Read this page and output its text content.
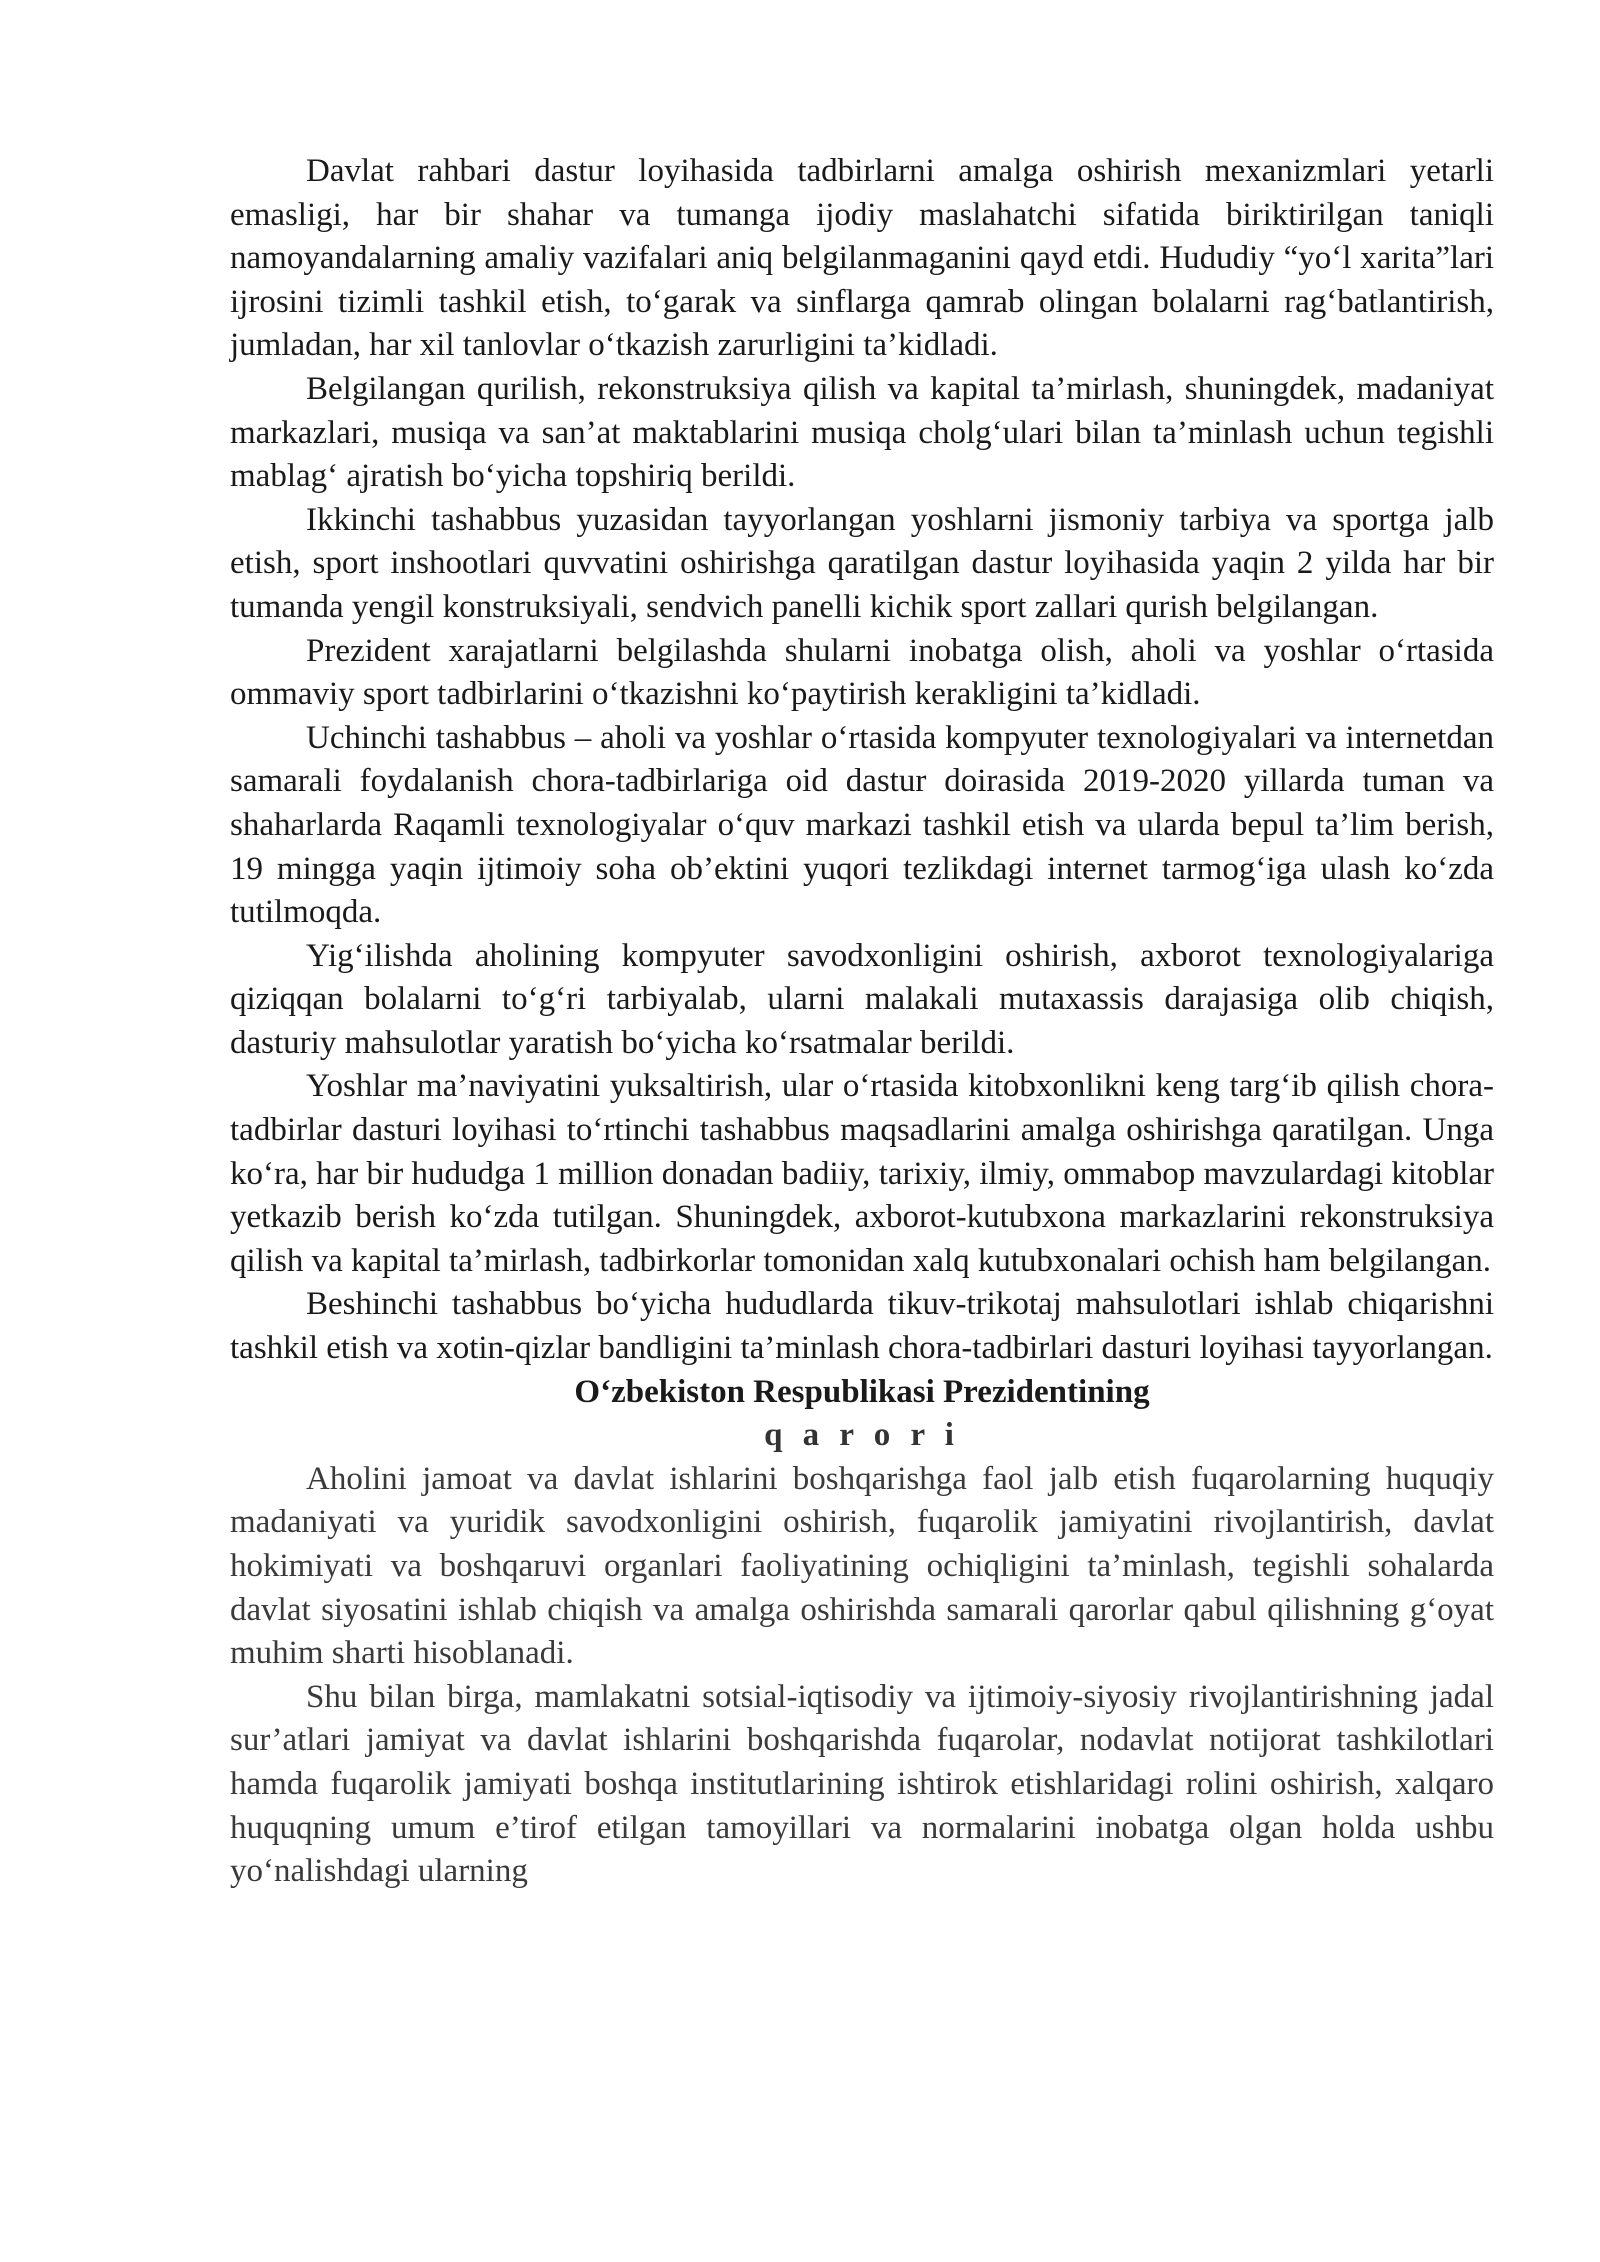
Davlat rahbari dastur loyihasida tadbirlarni amalga oshirish mexanizmlari yetarli emasligi, har bir shahar va tumanga ijodiy maslahatchi sifatida biriktirilgan taniqli namoyandalarning amaliy vazifalari aniq belgilanmaganini qayd etdi. Hududiy “yo‘l xarita”lari ijrosini tizimli tashkil etish, to‘garak va sinflarga qamrab olingan bolalarni rag‘batlantirish, jumladan, har xil tanlovlar o‘tkazish zarurligini ta’kidladi.

Belgilangan qurilish, rekonstruksiya qilish va kapital ta’mirlash, shuningdek, madaniyat markazlari, musiqa va san’at maktablarini musiqa cholg‘ulari bilan ta’minlash uchun tegishli mablag‘ ajratish bo‘yicha topshiriq berildi.

Ikkinchi tashabbus yuzasidan tayyorlangan yoshlarni jismoniy tarbiya va sportga jalb etish, sport inshootlari quvvatini oshirishga qaratilgan dastur loyihasida yaqin 2 yilda har bir tumanda yengil konstruksiyali, sendvich panelli kichik sport zallari qurish belgilangan.

Prezident xarajatlarni belgilashda shularni inobatga olish, aholi va yoshlar o‘rtasida ommaviy sport tadbirlarini o‘tkazishni ko‘paytirish kerakligini ta’kidladi.

Uchinchi tashabbus – aholi va yoshlar o‘rtasida kompyuter texnologiyalari va internetdan samarali foydalanish chora-tadbirlariga oid dastur doirasida 2019-2020 yillarda tuman va shaharlarda Raqamli texnologiyalar o‘quv markazi tashkil etish va ularda bepul ta’lim berish, 19 mingga yaqin ijtimoiy soha ob’ektini yuqori tezlikdagi internet tarmog‘iga ulash ko‘zda tutilmoqda.

Yig‘ilishda aholining kompyuter savodxonligini oshirish, axborot texnologiyalariga qiziqqan bolalarni to‘g‘ri tarbiyalab, ularni malakali mutaxassis darajasiga olib chiqish, dasturiy mahsulotlar yaratish bo‘yicha ko‘rsatmalar berildi.

Yoshlar ma’naviyatini yuksaltirish, ular o‘rtasida kitobxonlikni keng targ‘ib qilish chora-tadbirlar dasturi loyihasi to‘rtinchi tashabbus maqsadlarini amalga oshirishga qaratilgan. Unga ko‘ra, har bir hududga 1 million donadan badiiy, tarixiy, ilmiy, ommabop mavzulardagi kitoblar yetkazib berish ko‘zda tutilgan. Shuningdek, axborot-kutubxona markazlarini rekonstruksiya qilish va kapital ta’mirlash, tadbirkorlar tomonidan xalq kutubxonalari ochish ham belgilangan.

Beshinchi tashabbus bo‘yicha hududlarda tikuv-trikotaj mahsulotlari ishlab chiqarishni tashkil etish va xotin-qizlar bandligini ta’minlash chora-tadbirlari dasturi loyihasi tayyorlangan.

O‘zbekiston Respublikasi Prezidentining
q a r o r i

Aholini jamoat va davlat ishlarini boshqarishga faol jalb etish fuqarolarning huquqiy madaniyati va yuridik savodxonligini oshirish, fuqarolik jamiyatini rivojlantirish, davlat hokimiyati va boshqaruvi organlari faoliyatining ochiqligini ta’minlash, tegishli sohalarda davlat siyosatini ishlab chiqish va amalga oshirishda samarali qarorlar qabul qilishning g‘oyat muhim sharti hisoblanadi.

Shu bilan birga, mamlakatni sotsial-iqtisodiy va ijtimoiy-siyosiy rivojlantirishning jadal sur’atlari jamiyat va davlat ishlarini boshqarishda fuqarolar, nodavlat notijorat tashkilotlari hamda fuqarolik jamiyati boshqa institutlarining ishtirok etishlaridagi rolini oshirish, xalqaro huquqning umum e’tirof etilgan tamoyillari va normalarini inobatga olgan holda ushbu yo‘nalishdagi ularning
